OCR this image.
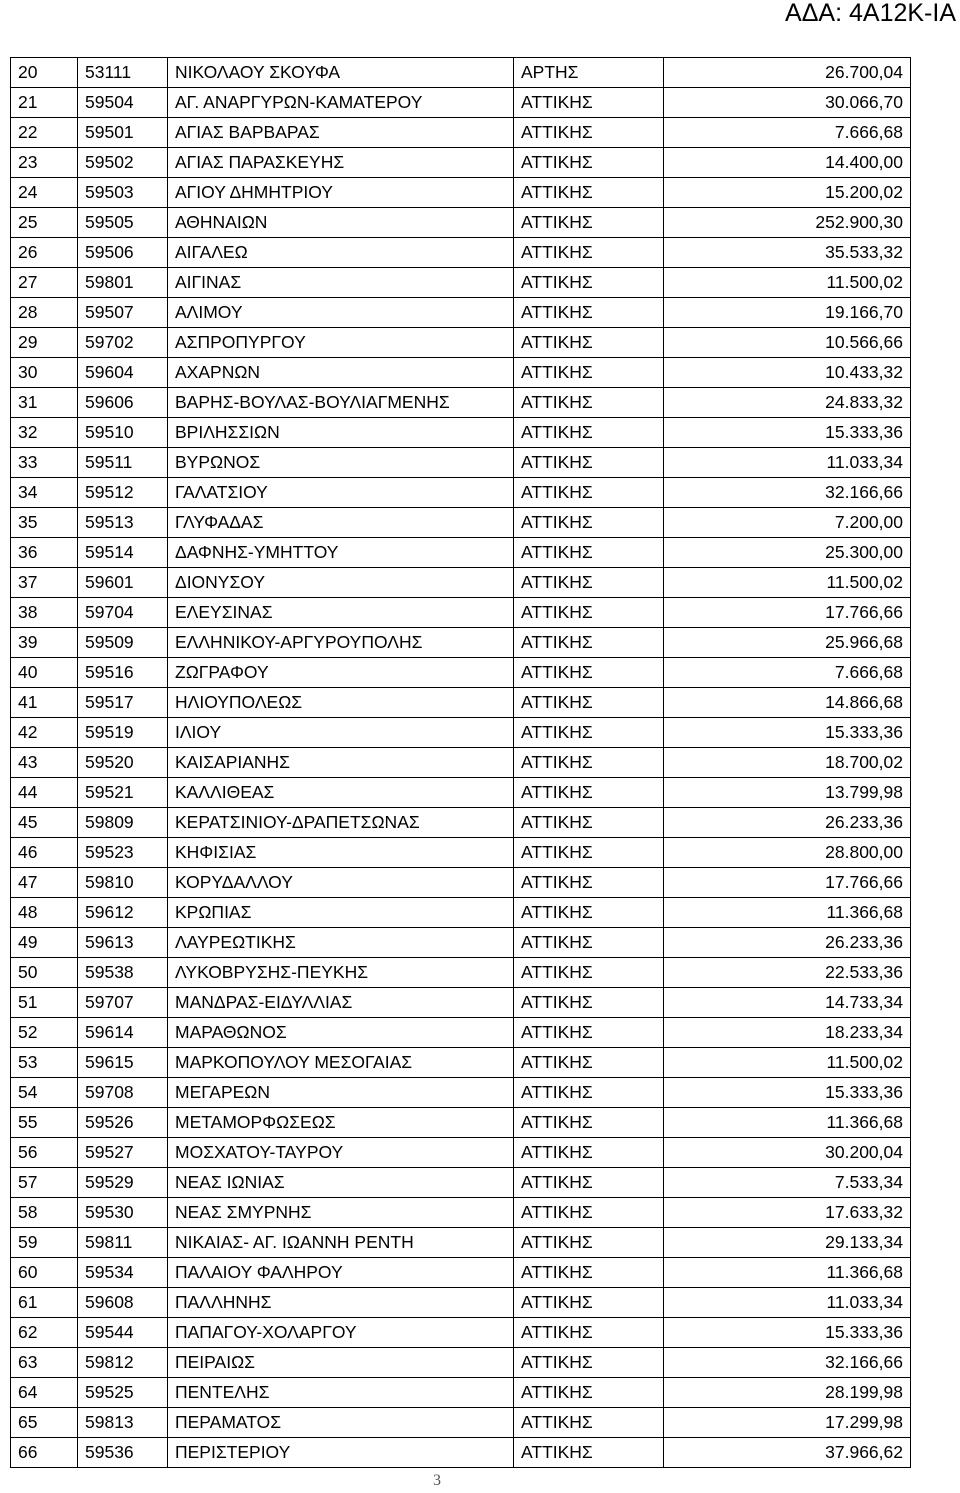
ΑΔΑ: 4Α12Κ-ΙΑ
20	53111	ΝΙΚΟΛΑΟΥ ΣΚΟΥΦΑ	ΑΡΤΗΣ	26.700,04
21	59504	ΑΓ. ΑΝΑΡΓΥΡΩΝ-ΚΑΜΑΤΕΡΟΥ	ΑΤΤΙΚΗΣ	30.066,70
22	59501	ΑΓΙΑΣ ΒΑΡΒΑΡΑΣ	ΑΤΤΙΚΗΣ	7.666,68
23	59502	ΑΓΙΑΣ ΠΑΡΑΣΚΕΥΗΣ	ΑΤΤΙΚΗΣ	14.400,00
24	59503	ΑΓΙΟΥ ΔΗΜΗΤΡΙΟΥ	ΑΤΤΙΚΗΣ	15.200,02
25	59505	ΑΘΗΝΑΙΩΝ	ΑΤΤΙΚΗΣ	252.900,30
26	59506	ΑΙΓΑΛΕΩ	ΑΤΤΙΚΗΣ	35.533,32
27	59801	ΑΙΓΙΝΑΣ	ΑΤΤΙΚΗΣ	11.500,02
28	59507	ΑΛΙΜΟΥ	ΑΤΤΙΚΗΣ	19.166,70
29	59702	ΑΣΠΡΟΠΥΡΓΟΥ	ΑΤΤΙΚΗΣ	10.566,66
30	59604	ΑΧΑΡΝΩΝ	ΑΤΤΙΚΗΣ	10.433,32
31	59606	ΒΑΡΗΣ-ΒΟΥΛΑΣ-ΒΟΥΛΙΑΓΜΕΝΗΣ	ΑΤΤΙΚΗΣ	24.833,32
32	59510	ΒΡΙΛΗΣΣΙΩΝ	ΑΤΤΙΚΗΣ	15.333,36
33	59511	ΒΥΡΩΝΟΣ	ΑΤΤΙΚΗΣ	11.033,34
34	59512	ΓΑΛΑΤΣΙΟΥ	ΑΤΤΙΚΗΣ	32.166,66
35	59513	ΓΛΥΦΑΔΑΣ	ΑΤΤΙΚΗΣ	7.200,00
36	59514	ΔΑΦΝΗΣ-ΥΜΗΤΤΟΥ	ΑΤΤΙΚΗΣ	25.300,00
37	59601	ΔΙΟΝΥΣΟΥ	ΑΤΤΙΚΗΣ	11.500,02
38	59704	ΕΛΕΥΣΙΝΑΣ	ΑΤΤΙΚΗΣ	17.766,66
39	59509	ΕΛΛΗΝΙΚΟΥ-ΑΡΓΥΡΟΥΠΟΛΗΣ	ΑΤΤΙΚΗΣ	25.966,68
40	59516	ΖΩΓΡΑΦΟΥ	ΑΤΤΙΚΗΣ	7.666,68
41	59517	ΗΛΙΟΥΠΟΛΕΩΣ	ΑΤΤΙΚΗΣ	14.866,68
42	59519	ΙΛΙΟΥ	ΑΤΤΙΚΗΣ	15.333,36
43	59520	ΚΑΙΣΑΡΙΑΝΗΣ	ΑΤΤΙΚΗΣ	18.700,02
44	59521	ΚΑΛΛΙΘΕΑΣ	ΑΤΤΙΚΗΣ	13.799,98
45	59809	ΚΕΡΑΤΣΙΝΙΟΥ-ΔΡΑΠΕΤΣΩΝΑΣ	ΑΤΤΙΚΗΣ	26.233,36
46	59523	ΚΗΦΙΣΙΑΣ	ΑΤΤΙΚΗΣ	28.800,00
47	59810	ΚΟΡΥΔΑΛΛΟΥ	ΑΤΤΙΚΗΣ	17.766,66
48	59612	ΚΡΩΠΙΑΣ	ΑΤΤΙΚΗΣ	11.366,68
49	59613	ΛΑΥΡΕΩΤΙΚΗΣ	ΑΤΤΙΚΗΣ	26.233,36
50	59538	ΛΥΚΟΒΡΥΣΗΣ-ΠΕΥΚΗΣ	ΑΤΤΙΚΗΣ	22.533,36
51	59707	ΜΑΝΔΡΑΣ-ΕΙΔΥΛΛΙΑΣ	ΑΤΤΙΚΗΣ	14.733,34
52	59614	ΜΑΡΑΘΩΝΟΣ	ΑΤΤΙΚΗΣ	18.233,34
53	59615	ΜΑΡΚΟΠΟΥΛΟΥ ΜΕΣΟΓΑΙΑΣ	ΑΤΤΙΚΗΣ	11.500,02
54	59708	ΜΕΓΑΡΕΩΝ	ΑΤΤΙΚΗΣ	15.333,36
55	59526	ΜΕΤΑΜΟΡΦΩΣΕΩΣ	ΑΤΤΙΚΗΣ	11.366,68
56	59527	ΜΟΣΧΑΤΟΥ-ΤΑΥΡΟΥ	ΑΤΤΙΚΗΣ	30.200,04
57	59529	ΝΕΑΣ ΙΩΝΙΑΣ	ΑΤΤΙΚΗΣ	7.533,34
58	59530	ΝΕΑΣ ΣΜΥΡΝΗΣ	ΑΤΤΙΚΗΣ	17.633,32
59	59811	ΝΙΚΑΙΑΣ- ΑΓ. ΙΩΑΝΝΗ ΡΕΝΤΗ	ΑΤΤΙΚΗΣ	29.133,34
60	59534	ΠΑΛΑΙΟΥ ΦΑΛΗΡΟΥ	ΑΤΤΙΚΗΣ	11.366,68
61	59608	ΠΑΛΛΗΝΗΣ	ΑΤΤΙΚΗΣ	11.033,34
62	59544	ΠΑΠΑΓΟΥ-ΧΟΛΑΡΓΟΥ	ΑΤΤΙΚΗΣ	15.333,36
63	59812	ΠΕΙΡΑΙΩΣ	ΑΤΤΙΚΗΣ	32.166,66
64	59525	ΠΕΝΤΕΛΗΣ	ΑΤΤΙΚΗΣ	28.199,98
65	59813	ΠΕΡΑΜΑΤΟΣ	ΑΤΤΙΚΗΣ	17.299,98
66	59536	ΠΕΡΙΣΤΕΡΙΟΥ	ΑΤΤΙΚΗΣ	37.966,62
3
